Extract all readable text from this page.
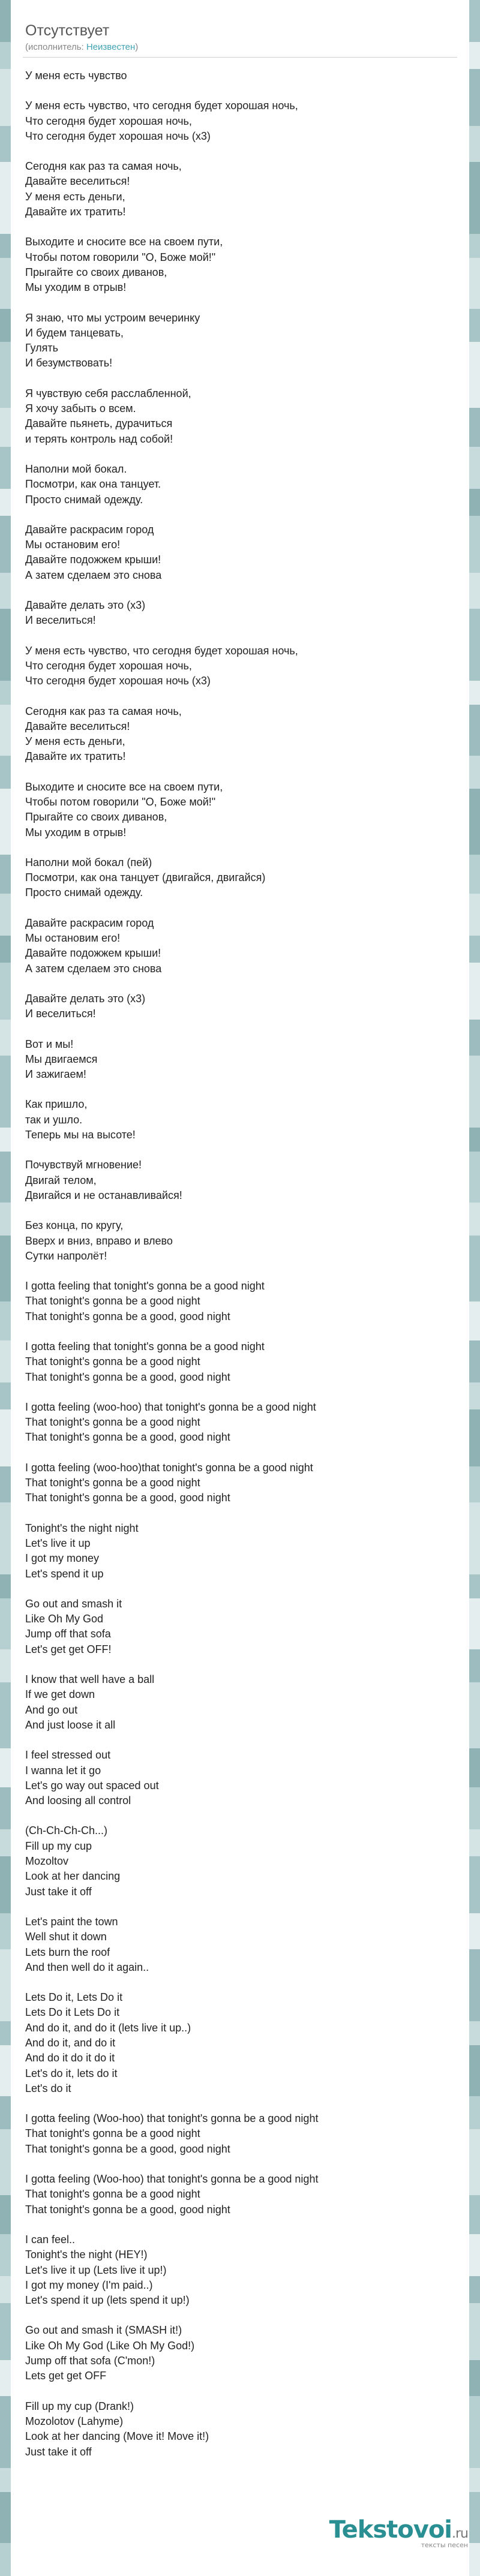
Отсутствует
(исполнитель: Неизвестен)
У меня есть чувство
У меня есть чувство, что сегодня будет хорошая ночь,
Что сегодня будет хорошая ночь,
Что сегодня будет хорошая ночь (x3)
Сегодня как раз та самая ночь,
Давайте веселиться!
У меня есть деньги,
Давайте их тратить!
Выходите и сносите все на своем пути,
Чтобы потом говорили "О, Боже мой!"
Прыгайте со своих диванов,
Мы уходим в отрыв!
Я знаю, что мы устроим вечеринку
И будем танцевать,
Гулять
И безумствовать!
Я чувствую себя расслабленной,
Я хочу забыть о всем.
Давайте пьянеть, дурачиться
и терять контроль над собой!
Наполни мой бокал.
Посмотри, как она танцует.
Просто снимай одежду.
Давайте раскрасим город
Мы остановим его!
Давайте подожжем крыши!
А затем сделаем это снова
Давайте делать это (x3)
И веселиться!
У меня есть чувство, что сегодня будет хорошая ночь,
Что сегодня будет хорошая ночь,
Что сегодня будет хорошая ночь (x3)
Сегодня как раз та самая ночь,
Давайте веселиться!
У меня есть деньги,
Давайте их тратить!
Выходите и сносите все на своем пути,
Чтобы потом говорили "О, Боже мой!"
Прыгайте со своих диванов,
Мы уходим в отрыв!
Наполни мой бокал (пей)
Посмотри, как она танцует (двигайся, двигайся)
Просто снимай одежду.
Давайте раскрасим город
Мы остановим его!
Давайте подожжем крыши!
А затем сделаем это снова
Давайте делать это (x3)
И веселиться!
Вот и мы!
Мы двигаемся
И зажигаем!
Как пришло,
так и ушло.
Теперь мы на высоте!
Почувствуй мгновение!
Двигай телом,
Двигайся и не останавливайся!
Без конца, по кругу,
Вверх и вниз, вправо и влево
Сутки напролёт!
I gotta feeling that tonight's gonna be a good night
That tonight's gonna be a good night
That tonight's gonna be a good, good night
I gotta feeling that tonight's gonna be a good night
That tonight's gonna be a good night
That tonight's gonna be a good, good night
I gotta feeling (woo-hoo) that tonight's gonna be a good night
That tonight's gonna be a good night
That tonight's gonna be a good, good night
I gotta feeling (woo-hoo)that tonight's gonna be a good night
That tonight's gonna be a good night
That tonight's gonna be a good, good night
Tonight's the night night
Let's live it up
I got my money
Let's spend it up
Go out and smash it
Like Oh My God
Jump off that sofa
Let's get get OFF!
I know that well have a ball
If we get down
And go out
And just loose it all
I feel stressed out
I wanna let it go
Let's go way out spaced out
And loosing all control
(Ch-Ch-Ch-Ch...)
Fill up my cup
Mozoltov
Look at her dancing
Just take it off
Let's paint the town
Well shut it down
Lets burn the roof
And then well do it again..
Lets Do it, Lets Do it
Lets Do it Lets Do it
And do it, and do it (lets live it up..)
And do it, and do it
And do it do it do it
Let's do it, lets do it
Let's do it
I gotta feeling (Woo-hoo) that tonight's gonna be a good night
That tonight's gonna be a good night
That tonight's gonna be a good, good night
I gotta feeling (Woo-hoo) that tonight's gonna be a good night
That tonight's gonna be a good night
That tonight's gonna be a good, good night
I can feel..
Tonight's the night (HEY!)
Let's live it up (Lets live it up!)
I got my money (I'm paid..)
Let's spend it up (lets spend it up!)
Go out and smash it (SMASH it!)
Like Oh My God (Like Oh My God!)
Jump off that sofa (C'mon!)
Lets get get OFF
Fill up my cup (Drank!)
Mozolotov (Lahyme)
Look at her dancing (Move it! Move it!)
Just take it off
Tekstovoi.ru
тексты песен
